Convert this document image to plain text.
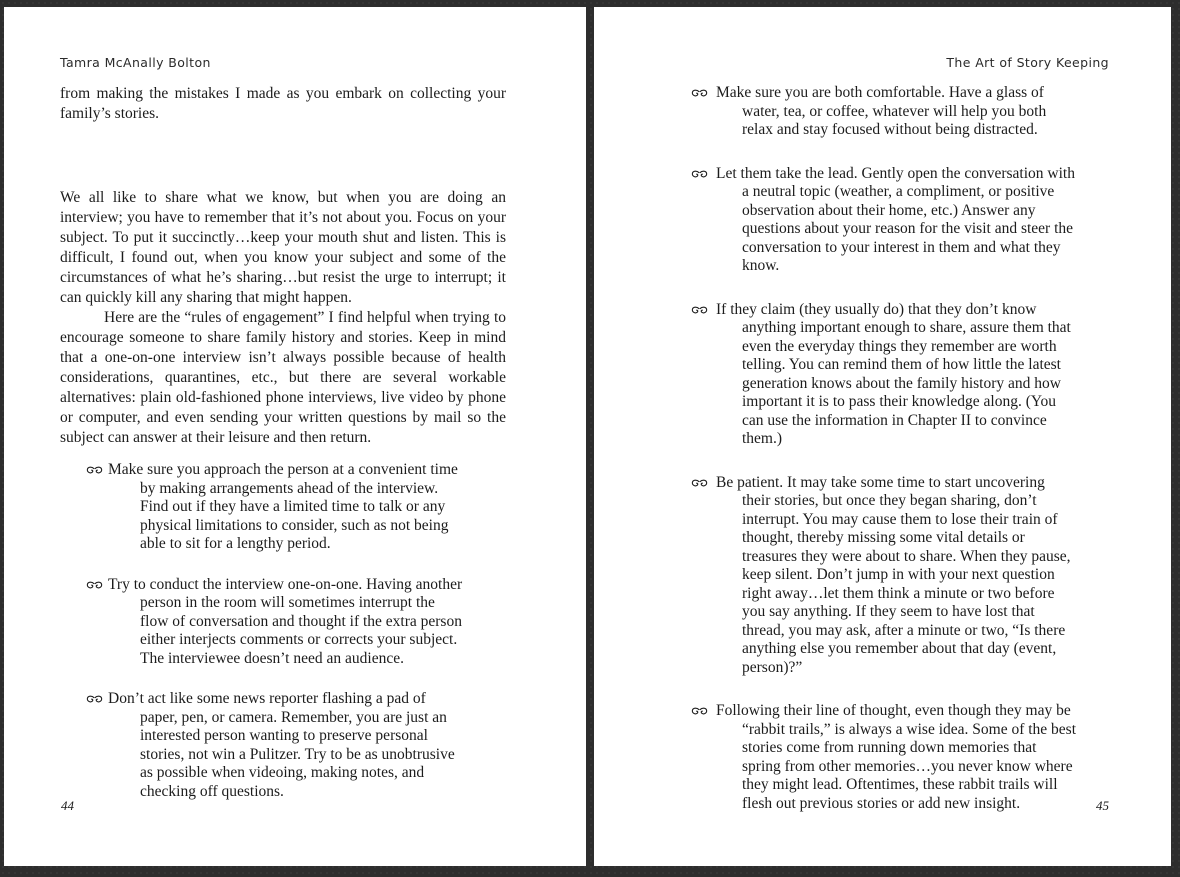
Tamra McAnally Bolton

from making the mistakes I made as you embark on collecting your family’s stories.

We all like to share what we know, but when you are doing an interview; you have to remember that it’s not about you. Focus on your subject. To put it succinctly…keep your mouth shut and listen. This is difficult, I found out, when you know your subject and some of the circumstances of what he’s sharing…but resist the urge to interrupt; it can quickly kill any sharing that might happen.

Here are the “rules of engagement” I find helpful when trying to encourage someone to share family history and stories. Keep in mind that a one-on-one interview isn’t always possible because of health considerations, quarantines, etc., but there are several workable alternatives: plain old-fashioned phone interviews, live video by phone or computer, and even sending your written questions by mail so the subject can answer at their leisure and then return.

Make sure you approach the person at a convenient time by making arrangements ahead of the interview. Find out if they have a limited time to talk or any physical limitations to consider, such as not being able to sit for a lengthy period.
Try to conduct the interview one-on-one. Having another person in the room will sometimes interrupt the flow of conversation and thought if the extra person either interjects comments or corrects your subject. The interviewee doesn’t need an audience.
Don’t act like some news reporter flashing a pad of paper, pen, or camera. Remember, you are just an interested person wanting to preserve personal stories, not win a Pulitzer. Try to be as unobtrusive as possible when videoing, making notes, and checking off questions.
44
The Art of Story Keeping
Make sure you are both comfortable. Have a glass of water, tea, or coffee, whatever will help you both relax and stay focused without being distracted.
Let them take the lead. Gently open the conversation with a neutral topic (weather, a compliment, or positive observation about their home, etc.) Answer any questions about your reason for the visit and steer the conversation to your interest in them and what they know.
If they claim (they usually do) that they don’t know anything important enough to share, assure them that even the everyday things they remember are worth telling. You can remind them of how little the latest generation knows about the family history and how important it is to pass their knowledge along. (You can use the information in Chapter II to convince them.)
Be patient. It may take some time to start uncovering their stories, but once they began sharing, don’t interrupt. You may cause them to lose their train of thought, thereby missing some vital details or treasures they were about to share. When they pause, keep silent. Don’t jump in with your next question right away…let them think a minute or two before you say anything. If they seem to have lost that thread, you may ask, after a minute or two, “Is there anything else you remember about that day (event, person)?”
Following their line of thought, even though they may be “rabbit trails,” is always a wise idea. Some of the best stories come from running down memories that spring from other memories…you never know where they might lead. Oftentimes, these rabbit trails will flesh out previous stories or add new insight.	45
